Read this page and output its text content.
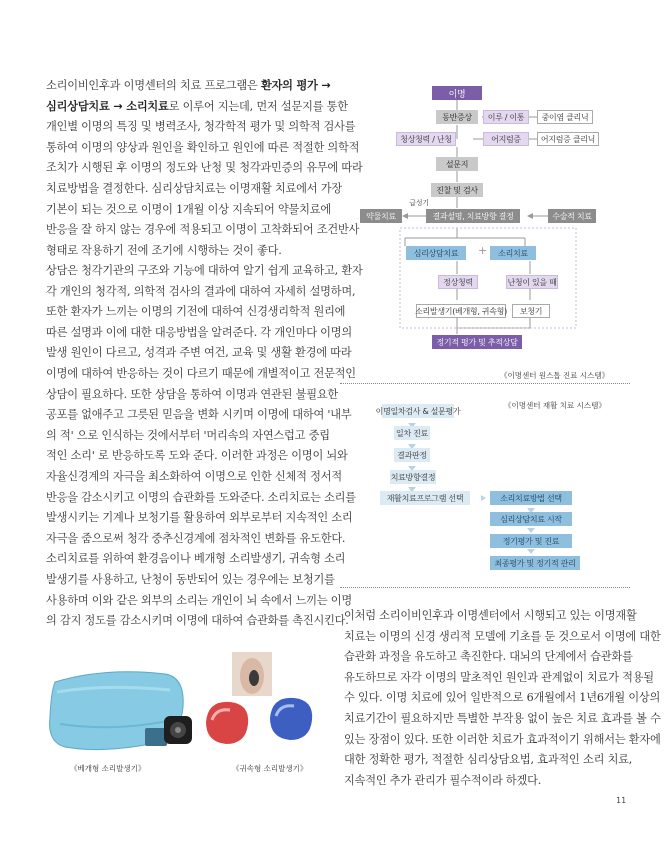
소리이비인후과 이명센터의 치료 프로그램은 환자의 평가 →
심리상담치료 → 소리치료로 이루어 지는데, 먼저 설문지를 통한
개인별 이명의 특징 및 병력조사, 청각학적 평가 및 의학적 검사를
통하여 이명의 양상과 원인을 확인하고 원인에 따른 적절한 의학적
조치가 시행된 후 이명의 정도와 난청 및 청각과민증의 유무에 따라
치료방법을 결정한다. 심리상담치료는 이명재활 치료에서 가장
기본이 되는 것으로 이명이 1개월 이상 지속되어 약물치료에
반응을 잘 하지 않는 경우에 적용되고 이명이 고착화되어 조건반사
형태로 작용하기 전에 조기에 시행하는 것이 좋다.
상담은 청각기관의 구조와 기능에 대하여 알기 쉽게 교육하고, 환자
각 개인의 청각적, 의학적 검사의 결과에 대하여 자세히 설명하며,
또한 환자가 느끼는 이명의 기전에 대하여 신경생리학적 원리에
따른 설명과 이에 대한 대응방법을 알려준다. 각 개인마다 이명의
발생 원인이 다르고, 성격과 주변 여건, 교육 및 생활 환경에 따라
이명에 대하여 반응하는 것이 다르기 때문에 개별적이고 전문적인
상담이 필요하다. 또한 상담을 통하여 이명과 연관된 불필요한
공포를 없애주고 그릇된 믿음을 변화 시키며 이명에 대하여 '내부
의 적' 으로 인식하는 것에서부터 '머리속의 자연스럽고 중립
적인 소리' 로 반응하도록 도와 준다. 이러한 과정은 이명이 뇌와
자율신경계의 자극을 최소화하여 이명으로 인한 신체적 정서적
반응을 감소시키고 이명의 습관화를 도와준다. 소리치료는 소리를
발생시키는 기계나 보청기를 활용하여 외부로부터 지속적인 소리
자극을 줌으로써 청각 중추신경계에 점차적인 변화를 유도한다.
소리치료를 위하여 환경음이나 베개형 소리발생기, 귀속형 소리
발생기를 사용하고, 난청이 동반되어 있는 경우에는 보청기를
사용하며 이와 같은 외부의 소리는 개인이 뇌 속에서 느끼는 이명
의 감지 정도를 감소시키며 이명에 대하여 습관화를 촉진시킨다.
이처럼 소리이비인후과 이명센터에서 시행되고 있는 이명재활
치료는 이명의 신경 생리적 모델에 기초를 둔 것으로서 이명에 대한
습관화 과정을 유도하고 촉진한다. 대뇌의 단계에서 습관화를
유도하므로 자각 이명의 말초적인 원인과 관계없이 치료가 적용될
수 있다. 이명 치료에 있어 일반적으로 6개월에서 1년6개월 이상의
치료기간이 필요하지만 특별한 부작용 없이 높은 치료 효과를 볼 수
있는 장점이 있다. 또한 이러한 치료가 효과적이기 위해서는 환자에
대한 정확한 평가, 적절한 심리상담요법, 효과적인 소리 치료,
지속적인 추가 관리가 필수적이라 하겠다.
+
이명
동반증상	이루 / 이통	중이염 클리닉
청상청력 / 난청	어지럼증	어지럼증 클리닉
설문지
진찰 및 검사
급성기
약물치료	결과설명, 치료방향 결정	수술적 치료
심리상담치료	소리치료
정상청력	난청이 있을 때
소리발생기(베개형, 귀속형)	보청기
정기적 평가 및 추적상담
《이명센터 원스톱 진료 시스템》
이명일차검사 & 설문평가
일차 진료
결과판정
치료방향결정
재활치료프로그램 선택	소리치료방법 선택
심리상담치료 시작
정기평가 및 진료
최종평가 및 정기적 관리
《이명센터 재활 치료 시스템》
《베개형 소리발생기》	《귀속형 소리발생기》
11
